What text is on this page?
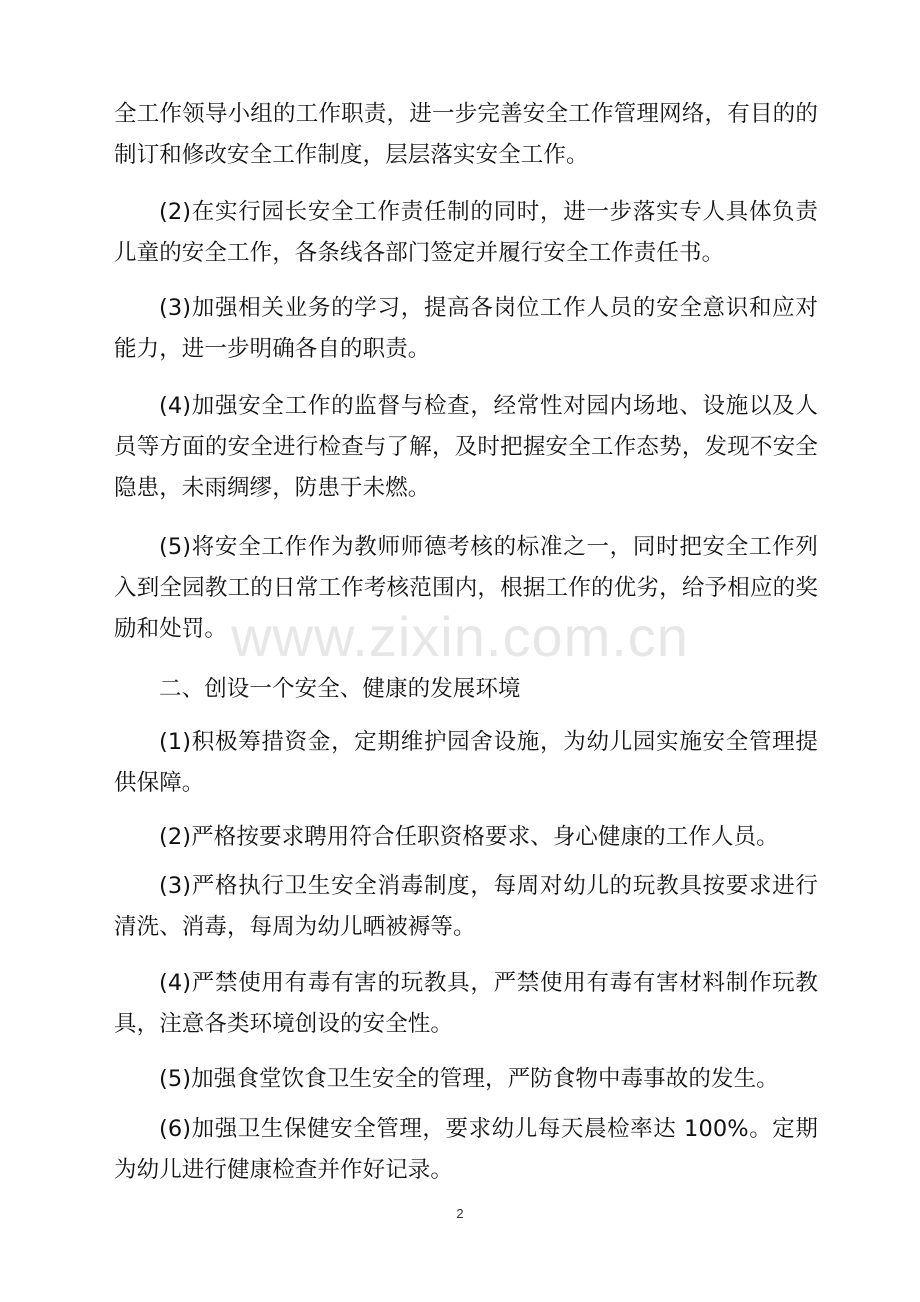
全工作领导小组的工作职责，进一步完善安全工作管理网络，有目的的制订和修改安全工作制度，层层落实安全工作。

(2)在实行园长安全工作责任制的同时，进一步落实专人具体负责儿童的安全工作，各条线各部门签定并履行安全工作责任书。

(3)加强相关业务的学习，提高各岗位工作人员的安全意识和应对能力，进一步明确各自的职责。

(4)加强安全工作的监督与检查，经常性对园内场地、设施以及人员等方面的安全进行检查与了解，及时把握安全工作态势，发现不安全隐患，未雨绸缪，防患于未燃。

(5)将安全工作作为教师师德考核的标准之一，同时把安全工作列入到全园教工的日常工作考核范围内，根据工作的优劣，给予相应的奖励和处罚。

二、创设一个安全、健康的发展环境

(1)积极筹措资金，定期维护园舍设施，为幼儿园实施安全管理提供保障。

(2)严格按要求聘用符合任职资格要求、身心健康的工作人员。

(3)严格执行卫生安全消毒制度，每周对幼儿的玩教具按要求进行清洗、消毒，每周为幼儿晒被褥等。

(4)严禁使用有毒有害的玩教具，严禁使用有毒有害材料制作玩教具，注意各类环境创设的安全性。

(5)加强食堂饮食卫生安全的管理，严防食物中毒事故的发生。

(6)加强卫生保健安全管理，要求幼儿每天晨检率达 100%。定期为幼儿进行健康检查并作好记录。

www.zixin.com.cn
2
